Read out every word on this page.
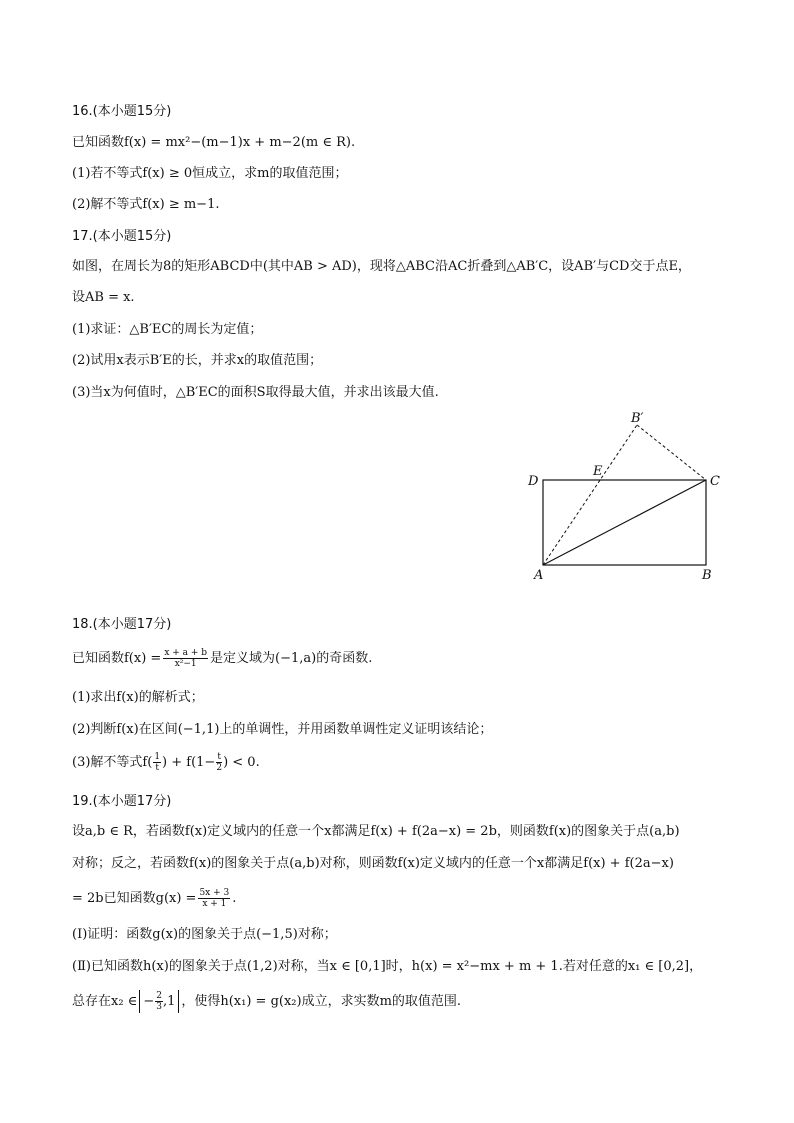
16.(本小题15分)
已知函数f(x) = mx²−(m−1)x + m−2(m ∈ R).
(1)若不等式f(x) ≥ 0恒成立，求m的取值范围；
(2)解不等式f(x) ≥ m−1.
17.(本小题15分)
如图，在周长为8的矩形ABCD中(其中AB > AD)，现将△ABC沿AC折叠到△AB′C，设AB′与CD交于点E，
设AB = x.
(1)求证：△B′EC的周长为定值；
(2)试用x表示B′E的长，并求x的取值范围；
(3)当x为何值时，△B′EC的面积S取得最大值，并求出该最大值.
B′
E
D	C
A	B
18.(本小题17分)
已知函数$f(x) = \frac{x + a + b}{\text{x²−1}}$ 是定义域为(−1,a)的奇函数.
(1)求出f(x)的解析式；
(2)判断f(x)在区间(−1,1)上的单调性，并用函数单调性定义证明该结论；
(3)解不等式$f( \frac{1}{t}$ ) + $f(1- \frac{t}{2}$ ) < 0.
19.(本小题17分)
设a,b ∈ R，若函数f(x)定义域内的任意一个x都满足f(x) + f(2a−x) = 2b，则函数f(x)的图象关于点(a,b)
对称；反之，若函数f(x)的图象关于点(a,b)对称，则函数f(x)定义域内的任意一个x都满足f(x) + f(2a−x)
= 2b已知函数$g(x) = \frac{5x + 3}{x + 1}$ .
(Ⅰ)证明：函数g(x)的图象关于点(−1,5)对称；
(Ⅱ)已知函数h(x)的图象关于点(1,2)对称，当x ∈ [0,1]时，h(x) = x²−mx + m + 1.若对任意的x₁ ∈ [0,2]，
总存在x₂ ∈ − $\frac{2}{3} ,1$ ，使得h(x₁) = g(x₂)成立，求实数m的取值范围.
